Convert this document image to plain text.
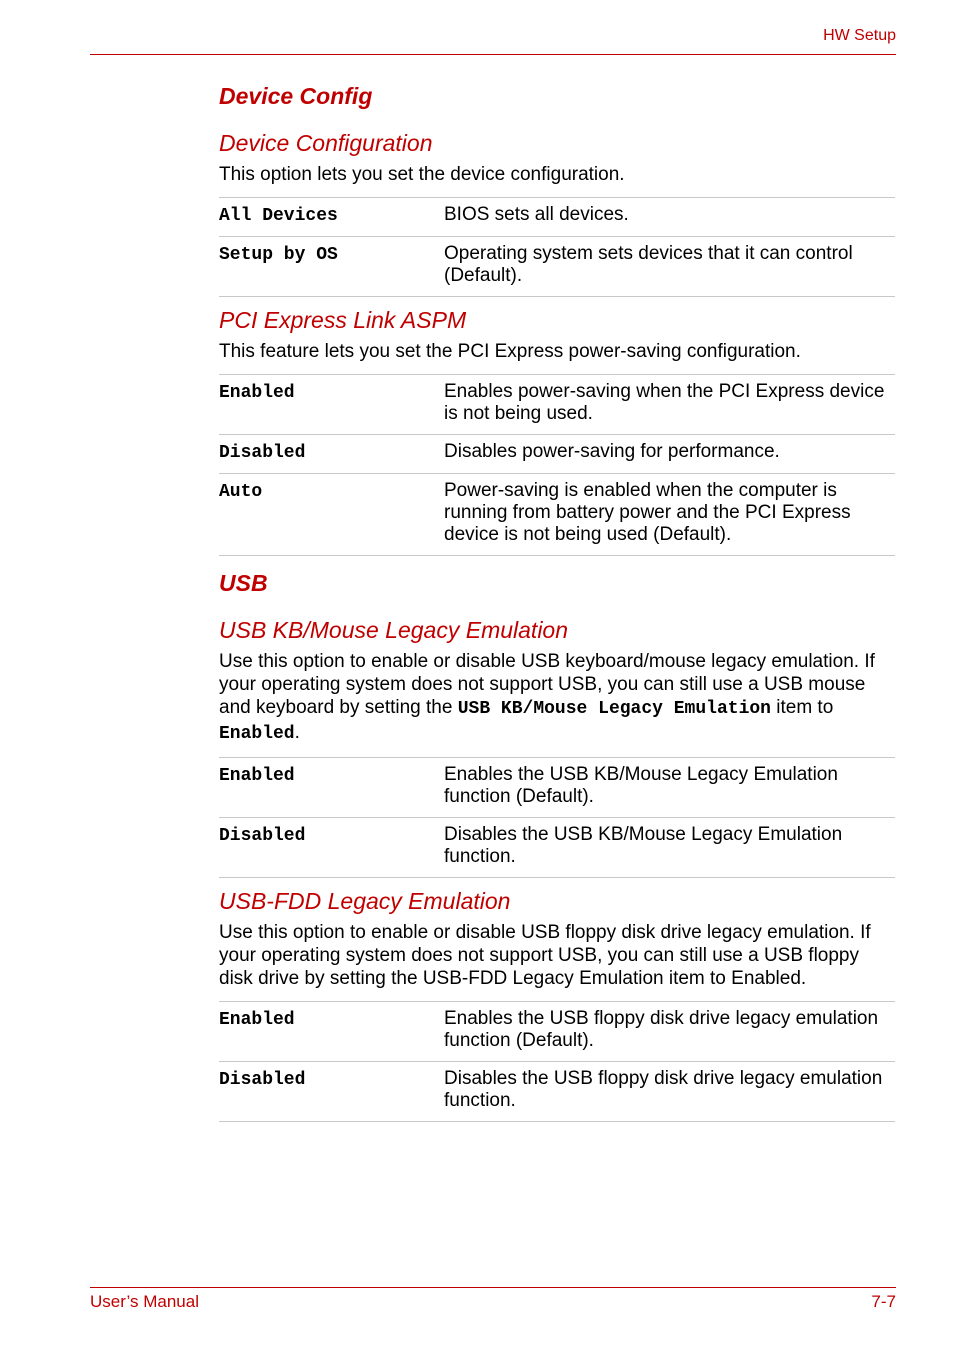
HW Setup
Device Config
Device Configuration
This option lets you set the device configuration.
All Devices	BIOS sets all devices.
Setup by OS	Operating system sets devices that it can control (Default).
PCI Express Link ASPM
This feature lets you set the PCI Express power-saving configuration.
Enabled	Enables power-saving when the PCI Express device is not being used.
Disabled	Disables power-saving for performance.
Auto	Power-saving is enabled when the computer is running from battery power and the PCI Express device is not being used (Default).
USB
USB KB/Mouse Legacy Emulation
Use this option to enable or disable USB keyboard/mouse legacy emulation. If your operating system does not support USB, you can still use a USB mouse and keyboard by setting the USB KB/Mouse Legacy Emulation item to Enabled.
Enabled	Enables the USB KB/Mouse Legacy Emulation function (Default).
Disabled	Disables the USB KB/Mouse Legacy Emulation function.
USB-FDD Legacy Emulation
Use this option to enable or disable USB floppy disk drive legacy emulation. If your operating system does not support USB, you can still use a USB floppy disk drive by setting the USB-FDD Legacy Emulation item to Enabled.
Enabled	Enables the USB floppy disk drive legacy emulation function (Default).
Disabled	Disables the USB floppy disk drive legacy emulation function.
User’s Manual	7-7
